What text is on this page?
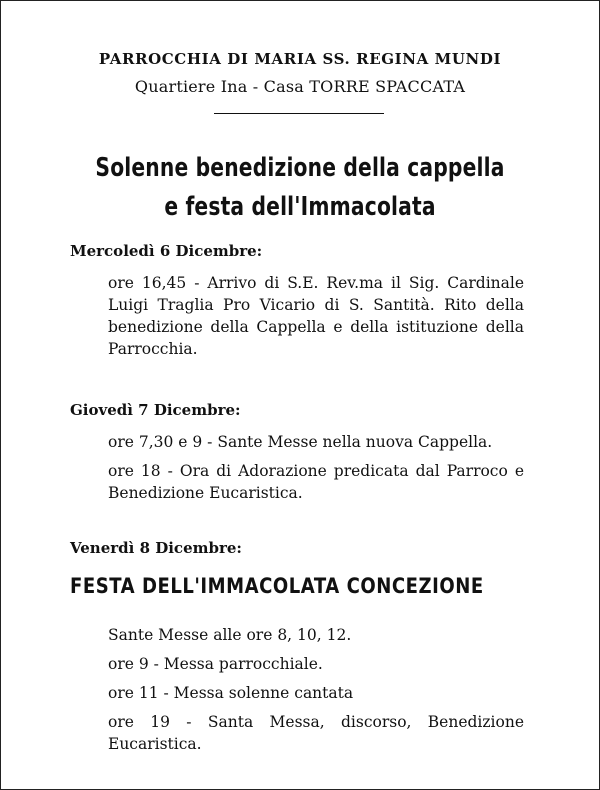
PARROCCHIA DI MARIA SS. REGINA MUNDI
Quartiere Ina - Casa TORRE SPACCATA
Solenne benedizione della cappella
e festa dell'Immacolata
Mercoledì 6 Dicembre:
ore 16,45 - Arrivo di S.E. Rev.ma il Sig. Cardinale Luigi Traglia Pro Vicario di S. Santità. Rito della benedizione della Cappella e della istituzione della Parrocchia.
Giovedì 7 Dicembre:
ore 7,30 e 9 - Sante Messe nella nuova Cappella.
ore 18 - Ora di Adorazione predicata dal Parroco e Benedizione Eucaristica.
Venerdì 8 Dicembre:
FESTA DELL'IMMACOLATA CONCEZIONE
Sante Messe alle ore 8, 10, 12.
ore 9 - Messa parrocchiale.
ore 11 - Messa solenne cantata
ore 19 - Santa Messa, discorso, Benedizione Eucaristica.
